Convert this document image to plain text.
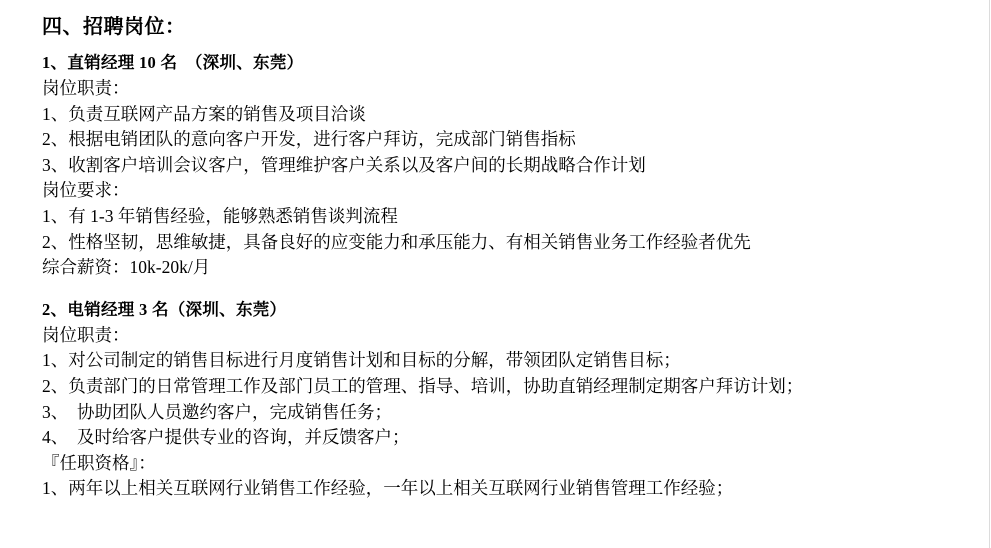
四、招聘岗位：
1、直销经理 10 名　（深圳、东莞）

岗位职责：

1、负责互联网产品方案的销售及项目洽谈

2、根据电销团队的意向客户开发，进行客户拜访，完成部门销售指标

3、收割客户培训会议客户，管理维护客户关系以及客户间的长期战略合作计划

岗位要求：

1、有 1-3 年销售经验，能够熟悉销售谈判流程

2、性格坚韧，思维敏捷，具备良好的应变能力和承压能力、有相关销售业务工作经验者优先

综合薪资：10k-20k/月

2、电销经理 3 名（深圳、东莞）

岗位职责：

1、对公司制定的销售目标进行月度销售计划和目标的分解，带领团队定销售目标；

2、负责部门的日常管理工作及部门员工的管理、指导、培训，协助直销经理制定期客户拜访计划；

3、　协助团队人员邀约客户，完成销售任务；

4、　及时给客户提供专业的咨询，并反馈客户；

『任职资格』：

1、两年以上相关互联网行业销售工作经验，一年以上相关互联网行业销售管理工作经验；
